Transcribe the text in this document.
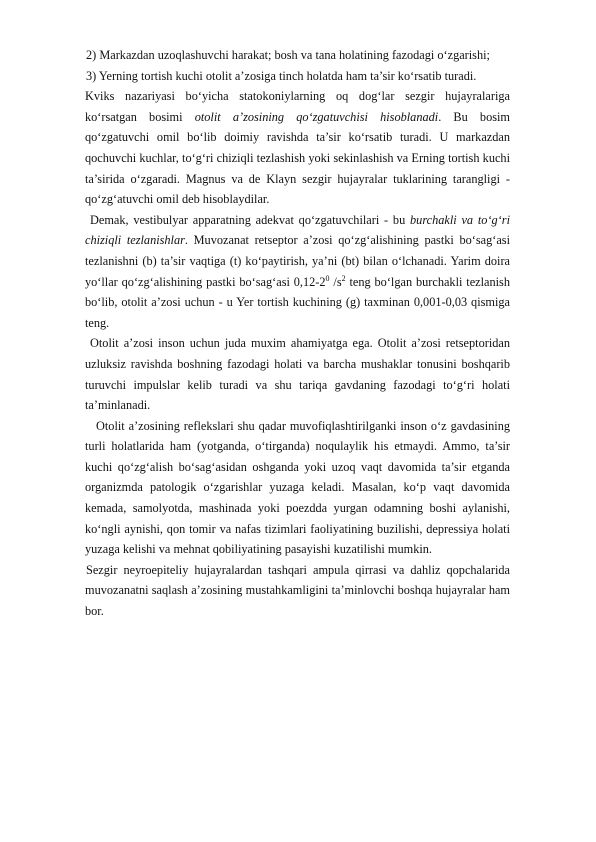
2) Markazdan uzoqlashuvchi harakat; bosh va tana holatining fazodagi o‘zgarishi;

3) Yerning tortish kuchi otolit a’zosiga tinch holatda ham ta’sir ko‘rsatib turadi.

Kviks nazariyasi bo‘yicha statokoniylarning oq dog‘lar sezgir hujayralariga ko‘rsatgan bosimi otolit a’zosining qo‘zgatuvchisi hisoblanadi. Bu bosim qo‘zgatuvchi omil bo‘lib doimiy ravishda ta’sir ko‘rsatib turadi. U markazdan qochuvchi kuchlar, to‘g‘ri chiziqli tezlashish yoki sekinlashish va Erning tortish kuchi ta’sirida o‘zgaradi. Magnus va de Klayn sezgir hujayralar tuklarining tarangligi - qo‘zg‘atuvchi omil deb hisoblaydilar.

Demak, vestibulyar apparatning adekvat qo‘zgatuvchilari - bu burchakli va to‘g‘ri chiziqli tezlanishlar. Muvozanat retseptor a’zosi qo‘zg‘alishining pastki bo‘sag‘asi tezlanishni (b) ta’sir vaqtiga (t) ko‘paytirish, ya’ni (bt) bilan o‘lchanadi. Yarim doira yo‘llar qo‘zg‘alishining pastki bo‘sag‘asi $0,12-2^0$ $/s^2$ teng bo‘lgan burchakli tezlanish bo‘lib, otolit a’zosi uchun - u Yer tortish kuchining (g) taxminan 0,001-0,03 qismiga teng.

Otolit a’zosi inson uchun juda muxim ahamiyatga ega. Otolit a’zosi retseptoridan uzluksiz ravishda boshning fazodagi holati va barcha mushaklar tonusini boshqarib turuvchi impulslar kelib turadi va shu tariqa gavdaning fazodagi to‘g‘ri holati ta’minlanadi.

Otolit a’zosining reflekslari shu qadar muvofiqlashtirilganki inson o‘z gavdasining turli holatlarida ham (yotganda, o‘tirganda) noqulaylik his etmaydi. Ammo, ta’sir kuchi qo‘zg‘alish bo‘sag‘asidan oshganda yoki uzoq vaqt davomida ta’sir etganda organizmda patologik o‘zgarishlar yuzaga keladi. Masalan, ko‘p vaqt davomida kemada, samolyotda, mashinada yoki poezdda yurgan odamning boshi aylanishi, ko‘ngli aynishi, qon tomir va nafas tizimlari faoliyatining buzilishi, depressiya holati yuzaga kelishi va mehnat qobiliyatining pasayishi kuzatilishi mumkin.

Sezgir neyroepiteliy hujayralardan tashqari ampula qirrasi va dahliz qopchalarida muvozanatni saqlash a’zosining mustahkamligini ta’minlovchi boshqa hujayralar ham bor.
